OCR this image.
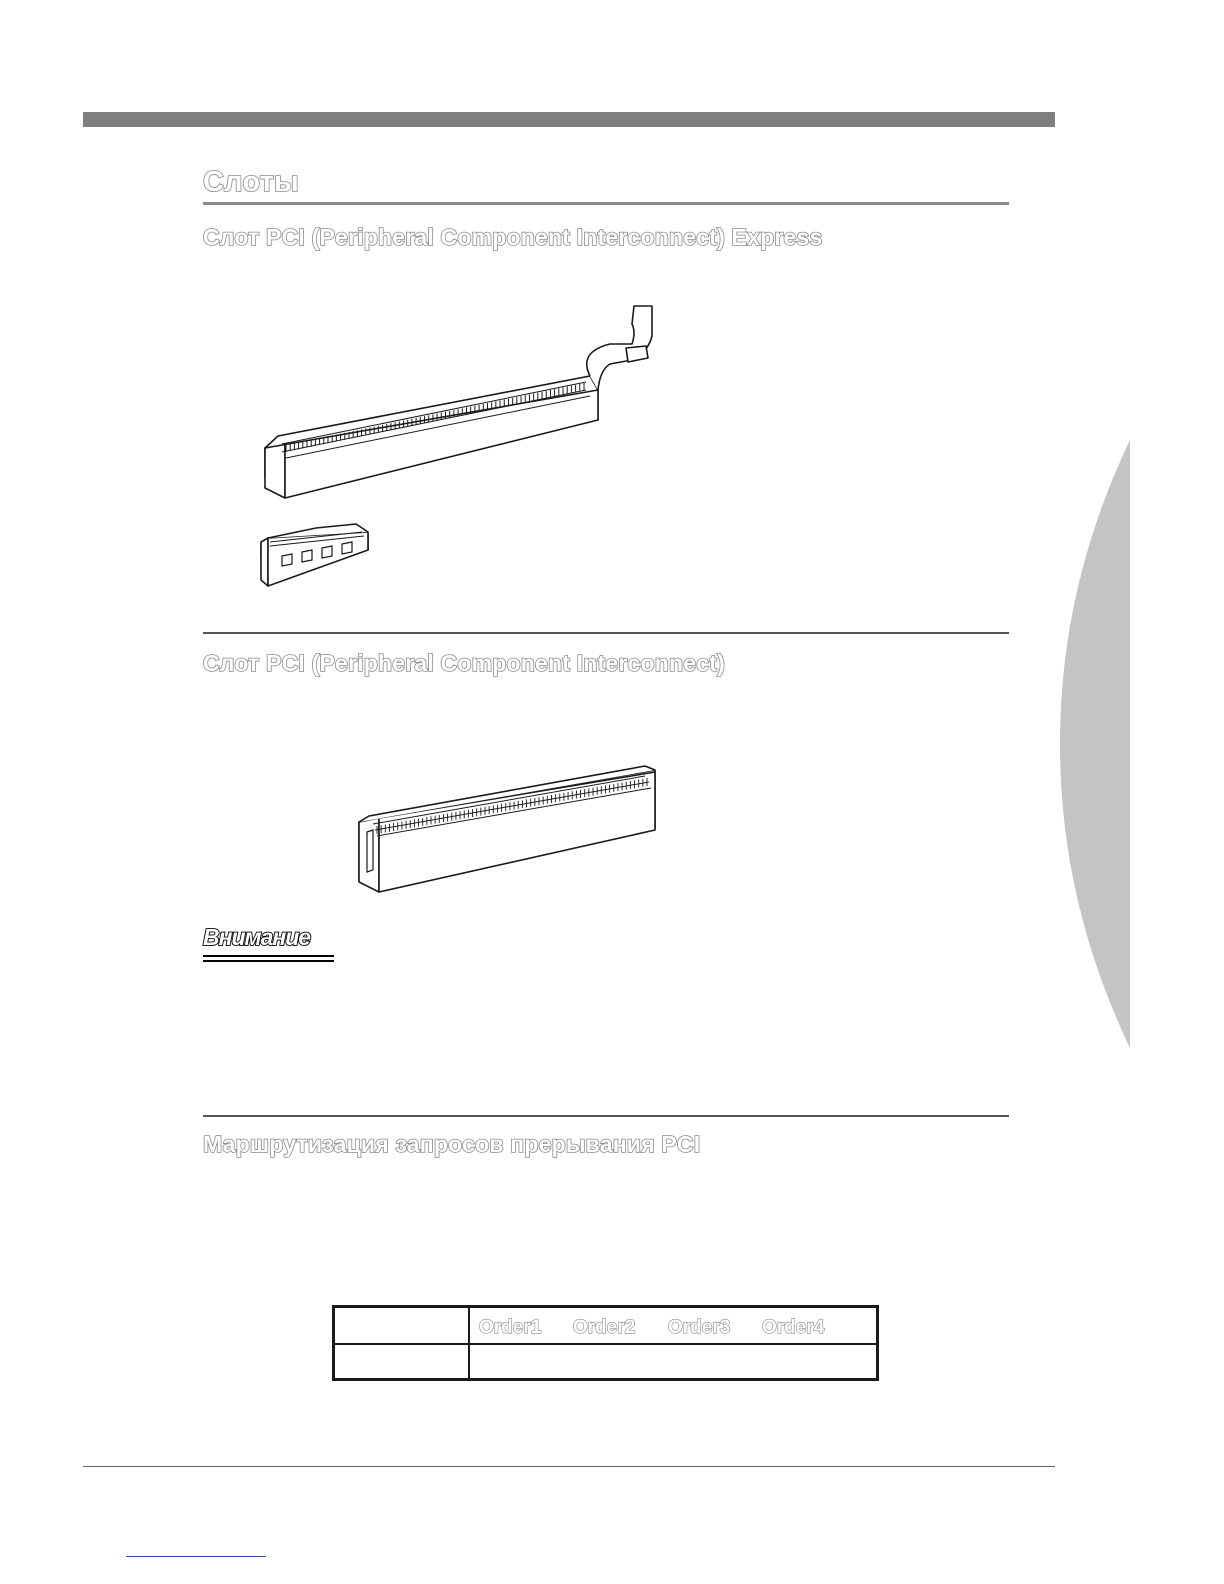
Слоты
Слот PCI (Peripheral Component Interconnect) Express
Слот PCI (Peripheral Component Interconnect)
Внимание
Маршрутизация запросов прерывания PCI
Order1 Order2 Order3 Order4
